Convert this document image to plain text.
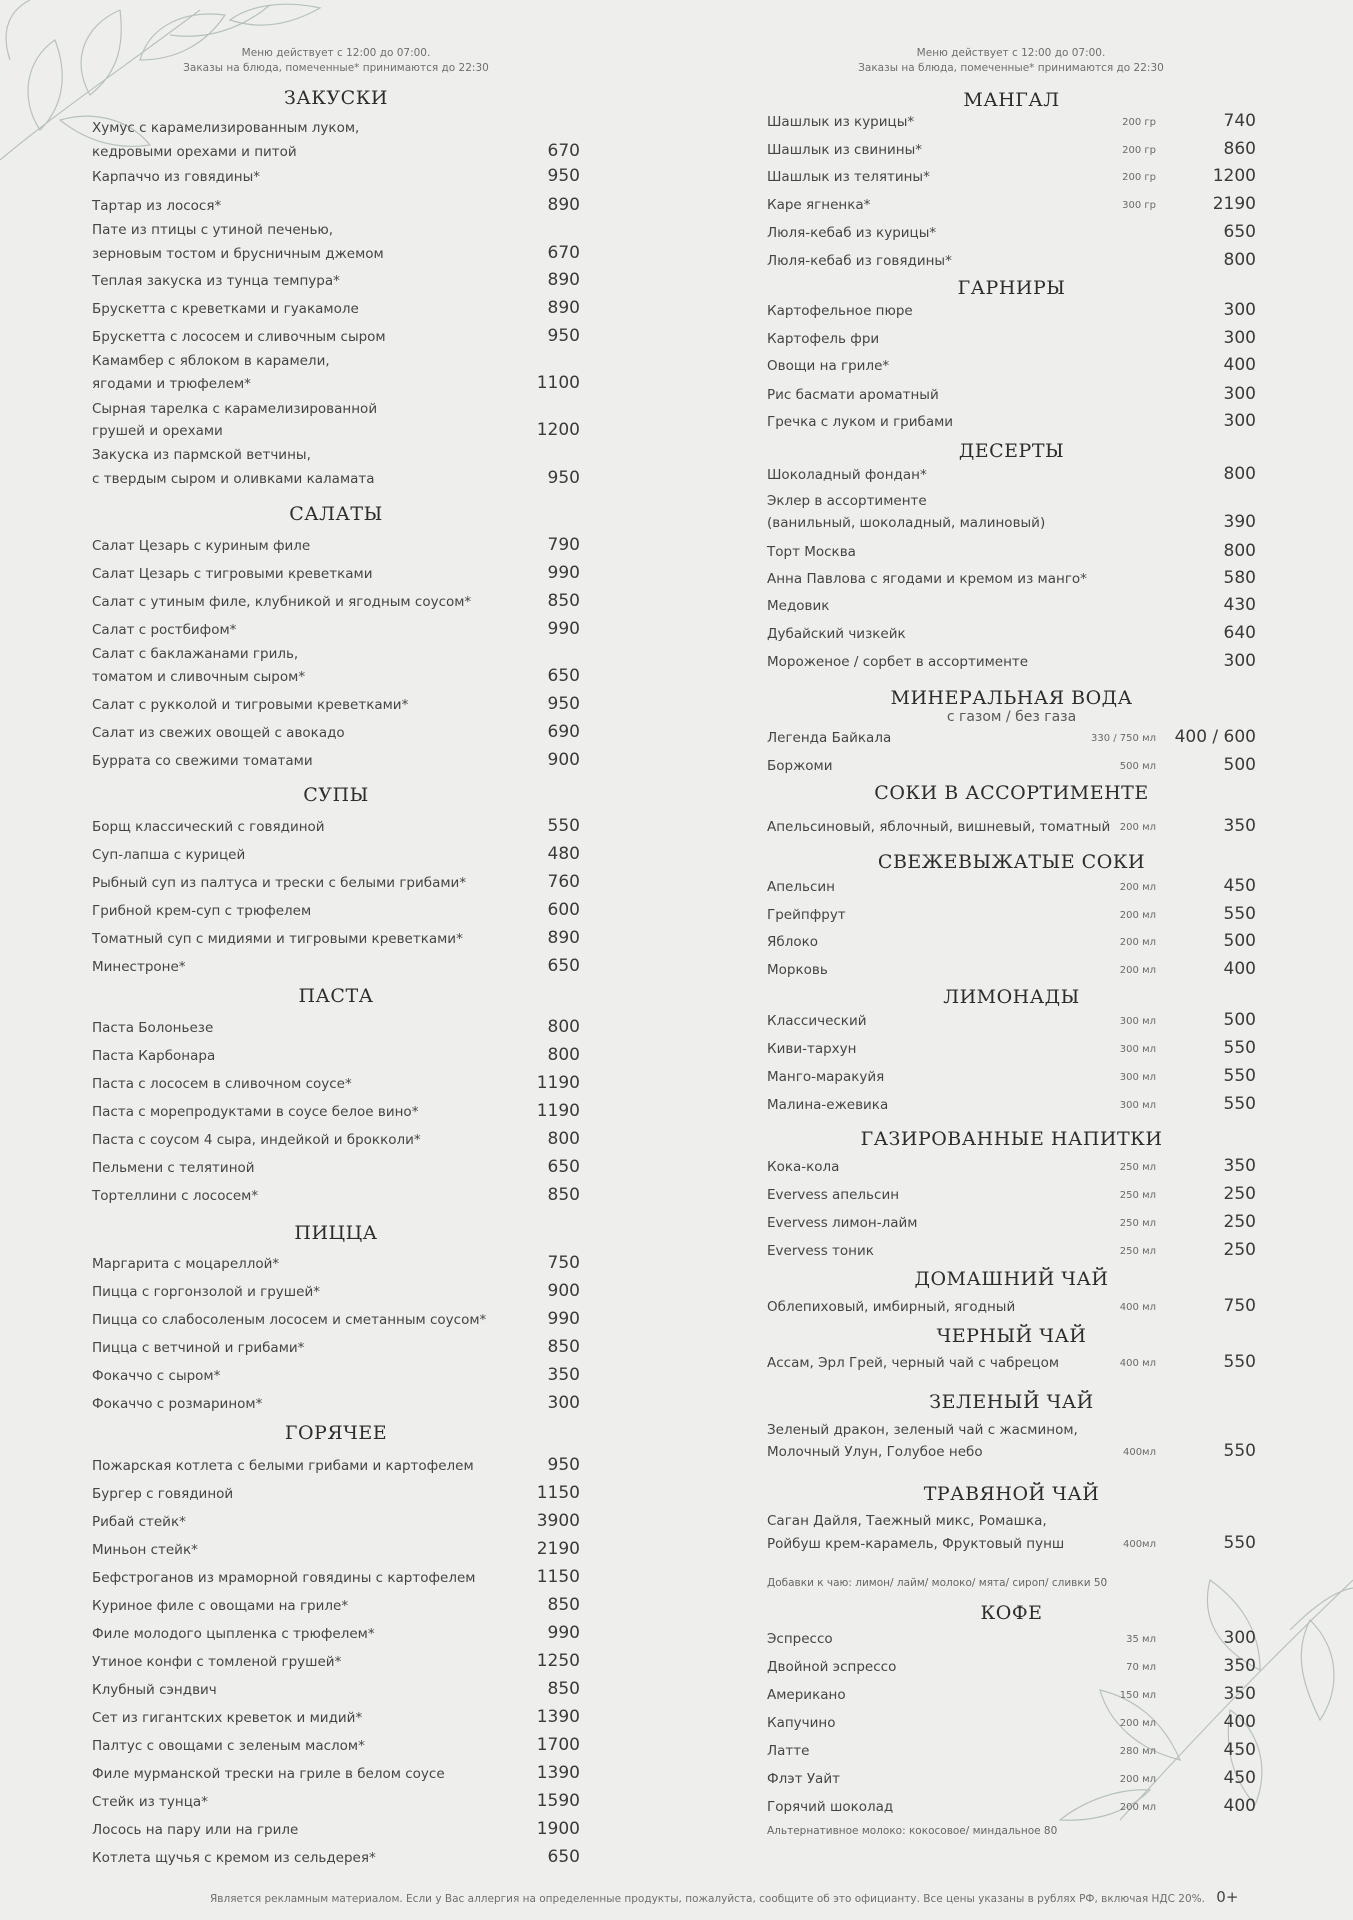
Меню действует с 12:00 до 07:00.
Заказы на блюда, помеченные* принимаются до 22:30
ЗАКУСКИ
Хумус с карамелизированным луком,
кедровыми орехами и питой	670
Карпаччо из говядины*	950
Тартар из лосося*	890
Пате из птицы с утиной печенью,
зерновым тостом и брусничным джемом	670
Теплая закуска из тунца темпура*	890
Брускетта с креветками и гуакамоле	890
Брускетта с лососем и сливочным сыром	950
Камамбер с яблоком в карамели,
ягодами и трюфелем*	1100
Сырная тарелка с карамелизированной
грушей и орехами	1200
Закуска из пармской ветчины,
с твердым сыром и оливками каламата	950
САЛАТЫ
Салат Цезарь с куриным филе	790
Салат Цезарь с тигровыми креветками	990
Салат с утиным филе, клубникой и ягодным соусом*	850
Салат с ростбифом*	990
Салат с баклажанами гриль,
томатом и сливочным сыром*	650
Салат с рукколой и тигровыми креветками*	950
Салат из свежих овощей с авокадо	690
Буррата со свежими томатами	900
СУПЫ
Борщ классический с говядиной	550
Суп-лапша с курицей	480
Рыбный суп из палтуса и трески с белыми грибами*	760
Грибной крем-суп с трюфелем	600
Томатный суп с мидиями и тигровыми креветками*	890
Минестроне*	650
ПАСТА
Паста Болоньезе	800
Паста Карбонара	800
Паста с лососем в сливочном соусе*	1190
Паста с морепродуктами в соусе белое вино*	1190
Паста с соусом 4 сыра, индейкой и брокколи*	800
Пельмени с телятиной	650
Тортеллини с лососем*	850
ПИЦЦА
Маргарита с моцареллой*	750
Пицца с горгонзолой и грушей*	900
Пицца со слабосоленым лососем и сметанным соусом*	990
Пицца с ветчиной и грибами*	850
Фокаччо с сыром*	350
Фокаччо с розмарином*	300
ГОРЯЧЕЕ
Пожарская котлета с белыми грибами и картофелем	950
Бургер с говядиной	1150
Рибай стейк*	3900
Миньон стейк*	2190
Бефстроганов из мраморной говядины с картофелем	1150
Куриное филе с овощами на гриле*	850
Филе молодого цыпленка с трюфелем*	990
Утиное конфи с томленой грушей*	1250
Клубный сэндвич	850
Сет из гигантских креветок и мидий*	1390
Палтус с овощами с зеленым маслом*	1700
Филе мурманской трески на гриле в белом соусе	1390
Стейк из тунца*	1590
Лосось на пару или на гриле	1900
Котлета щучья с кремом из сельдерея*	650
Меню действует с 12:00 до 07:00.
Заказы на блюда, помеченные* принимаются до 22:30
МАНГАЛ
Шашлык из курицы*	200 гр	740
Шашлык из свинины*	200 гр	860
Шашлык из телятины*	200 гр	1200
Каре ягненка*	300 гр	2190
Люля-кебаб из курицы*	650
Люля-кебаб из говядины*	800
ГАРНИРЫ
Картофельное пюре	300
Картофель фри	300
Овощи на гриле*	400
Рис басмати ароматный	300
Гречка с луком и грибами	300
ДЕСЕРТЫ
Шоколадный фондан*	800
Эклер в ассортименте
(ванильный, шоколадный, малиновый)	390
Торт Москва	800
Анна Павлова с ягодами и кремом из манго*	580
Медовик	430
Дубайский чизкейк	640
Мороженое / сорбет в ассортименте	300
МИНЕРАЛЬНАЯ ВОДА
с газом / без газа
Легенда Байкала	330 / 750 мл 400 / 600
Боржоми	500 мл	500
СОКИ В АССОРТИМЕНТЕ
Апельсиновый, яблочный, вишневый, томатный 200 мл	350
СВЕЖЕВЫЖАТЫЕ СОКИ
Апельсин	200 мл	450
Грейпфрут	200 мл	550
Яблоко	200 мл	500
Морковь	200 мл	400
ЛИМОНАДЫ
Классический	300 мл	500
Киви-тархун	300 мл	550
Манго-маракуйя	300 мл	550
Малина-ежевика	300 мл	550
ГАЗИРОВАННЫЕ НАПИТКИ
Кока-кола	250 мл	350
Evervess апельсин	250 мл	250
Evervess лимон-лайм	250 мл	250
Evervess тоник	250 мл	250
ДОМАШНИЙ ЧАЙ
Облепиховый, имбирный, ягодный	400 мл	750
ЧЕРНЫЙ ЧАЙ
Ассам, Эрл Грей, черный чай с чабрецом	400 мл	550
ЗЕЛЕНЫЙ ЧАЙ
Зеленый дракон, зеленый чай с жасмином,
Молочный Улун, Голубое небо	400мл	550
ТРАВЯНОЙ ЧАЙ
Саган Дайля, Таежный микс, Ромашка,
Ройбуш крем-карамель, Фруктовый пунш	400мл	550
Добавки к чаю: лимон/ лайм/ молоко/ мята/ сироп/ сливки 50
КОФЕ
Эспрессо	35 мл	300
Двойной эспрессо	70 мл	350
Американо	150 мл	350
Капучино	200 мл	400
Латте	280 мл	450
Флэт Уайт	200 мл	450
Горячий шоколад	200 мл	400
Альтернативное молоко: кокосовое/ миндальное 80
Является рекламным материалом. Если у Вас аллергия на определенные продукты, пожалуйста, сообщите об это официанту. Все цены указаны в рублях РФ, включая НДС 20%. 0+
